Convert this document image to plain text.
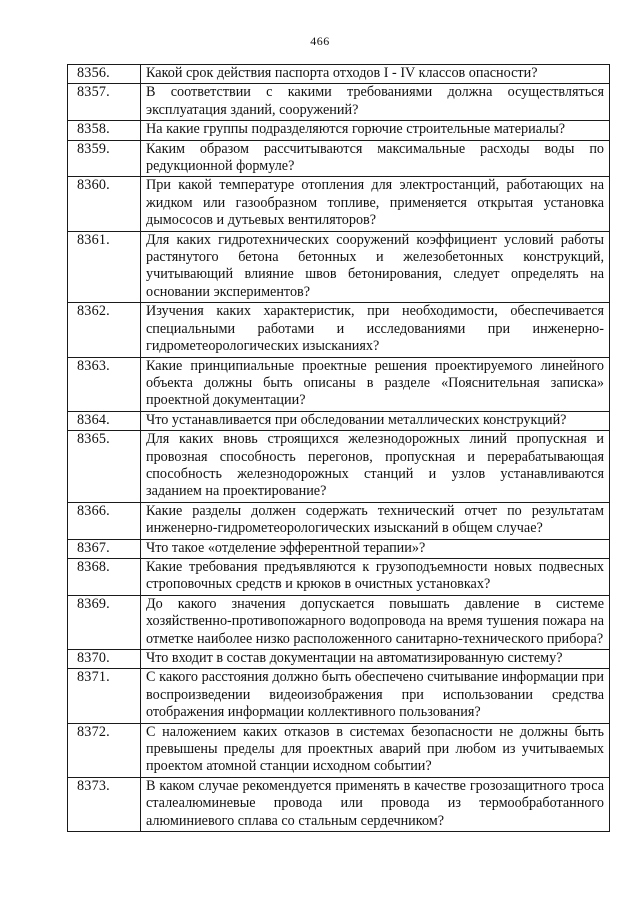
466
8356.	Какой срок действия паспорта отходов I - IV классов опасности?
8357.	В соответствии с какими требованиями должна осуществляться эксплуатация зданий, сооружений?
8358.	На какие группы подразделяются горючие строительные материалы?
8359.	Каким образом рассчитываются максимальные расходы воды по редукционной формуле?
8360.	При какой температуре отопления для электростанций, работающих на жидком или газообразном топливе, применяется открытая установка дымососов и дутьевых вентиляторов?
8361.	Для каких гидротехнических сооружений коэффициент условий работы растянутого бетона бетонных и железобетонных конструкций, учитывающий влияние швов бетонирования, следует определять на основании экспериментов?
8362.	Изучения каких характеристик, при необходимости, обеспечивается специальными работами и исследованиями при инженерно-гидрометеорологических изысканиях?
8363.	Какие принципиальные проектные решения проектируемого линейного объекта должны быть описаны в разделе «Пояснительная записка» проектной документации?
8364.	Что устанавливается при обследовании металлических конструкций?
8365.	Для каких вновь строящихся железнодорожных линий пропускная и провозная способность перегонов, пропускная и перерабатывающая способность железнодорожных станций и узлов устанавливаются заданием на проектирование?
8366.	Какие разделы должен содержать технический отчет по результатам инженерно-гидрометеорологических изысканий в общем случае?
8367.	Что такое «отделение эфферентной терапии»?
8368.	Какие требования предъявляются к грузоподъемности новых подвесных строповочных средств и крюков в очистных установках?
8369.	До какого значения допускается повышать давление в системе хозяйственно-противопожарного водопровода на время тушения пожара на отметке наиболее низко расположенного санитарно-технического прибора?
8370.	Что входит в состав документации на автоматизированную систему?
8371.	С какого расстояния должно быть обеспечено считывание информации при воспроизведении видеоизображения при использовании средства отображения информации коллективного пользования?
8372.	С наложением каких отказов в системах безопасности не должны быть превышены пределы для проектных аварий при любом из учитываемых проектом атомной станции исходном событии?
8373.	В каком случае рекомендуется применять в качестве грозозащитного троса сталеалюминевые провода или провода из термообработанного алюминиевого сплава со стальным сердечником?
